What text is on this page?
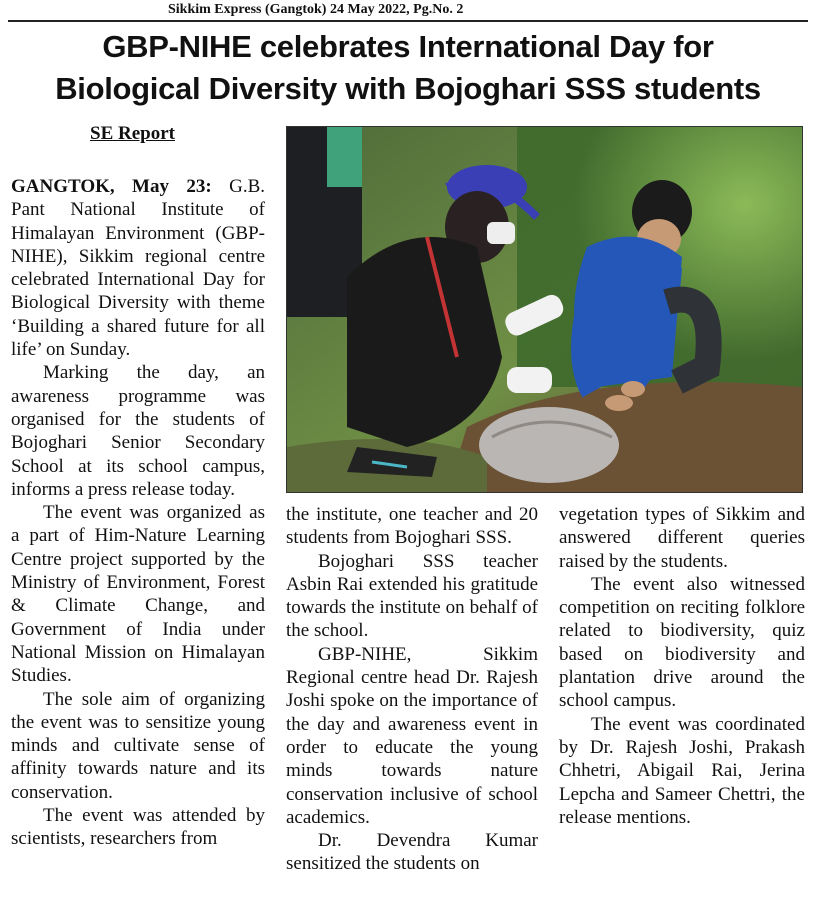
Sikkim Express (Gangtok) 24 May 2022, Pg.No. 2
GBP-NIHE celebrates International Day for
Biological Diversity with Bojoghari SSS students
SE Report

GANGTOK, May 23: G.B. Pant National Institute of Himalayan Environment (GBP-NIHE), Sikkim regional centre celebrated International Day for Biological Diversity with theme ‘Building a shared future for all life’ on Sunday.

Marking the day, an awareness programme was organised for the students of Bojoghari Senior Secondary School at its school campus, informs a press release today.

The event was organized as a part of Him-Nature Learning Centre project supported by the Ministry of Environment, Forest & Climate Change, and Government of India under National Mission on Himalayan Studies.

The sole aim of organizing the event was to sensitize young minds and cultivate sense of affinity towards nature and its conservation.

The event was attended by scientists, researchers from

the institute, one teacher and 20 students from Bojoghari SSS.

Bojoghari SSS teacher Asbin Rai extended his gratitude towards the institute on behalf of the school.

GBP-NIHE, Sikkim Regional centre head Dr. Rajesh Joshi spoke on the importance of the day and awareness event in order to educate the young minds towards nature conservation inclusive of school academics.

Dr. Devendra Kumar sensitized the students on

vegetation types of Sikkim and answered different queries raised by the students.

The event also witnessed competition on reciting folklore related to biodiversity, quiz based on biodiversity and plantation drive around the school campus.

The event was coordinated by Dr. Rajesh Joshi, Prakash Chhetri, Abigail Rai, Jerina Lepcha and Sameer Chettri, the release mentions.
